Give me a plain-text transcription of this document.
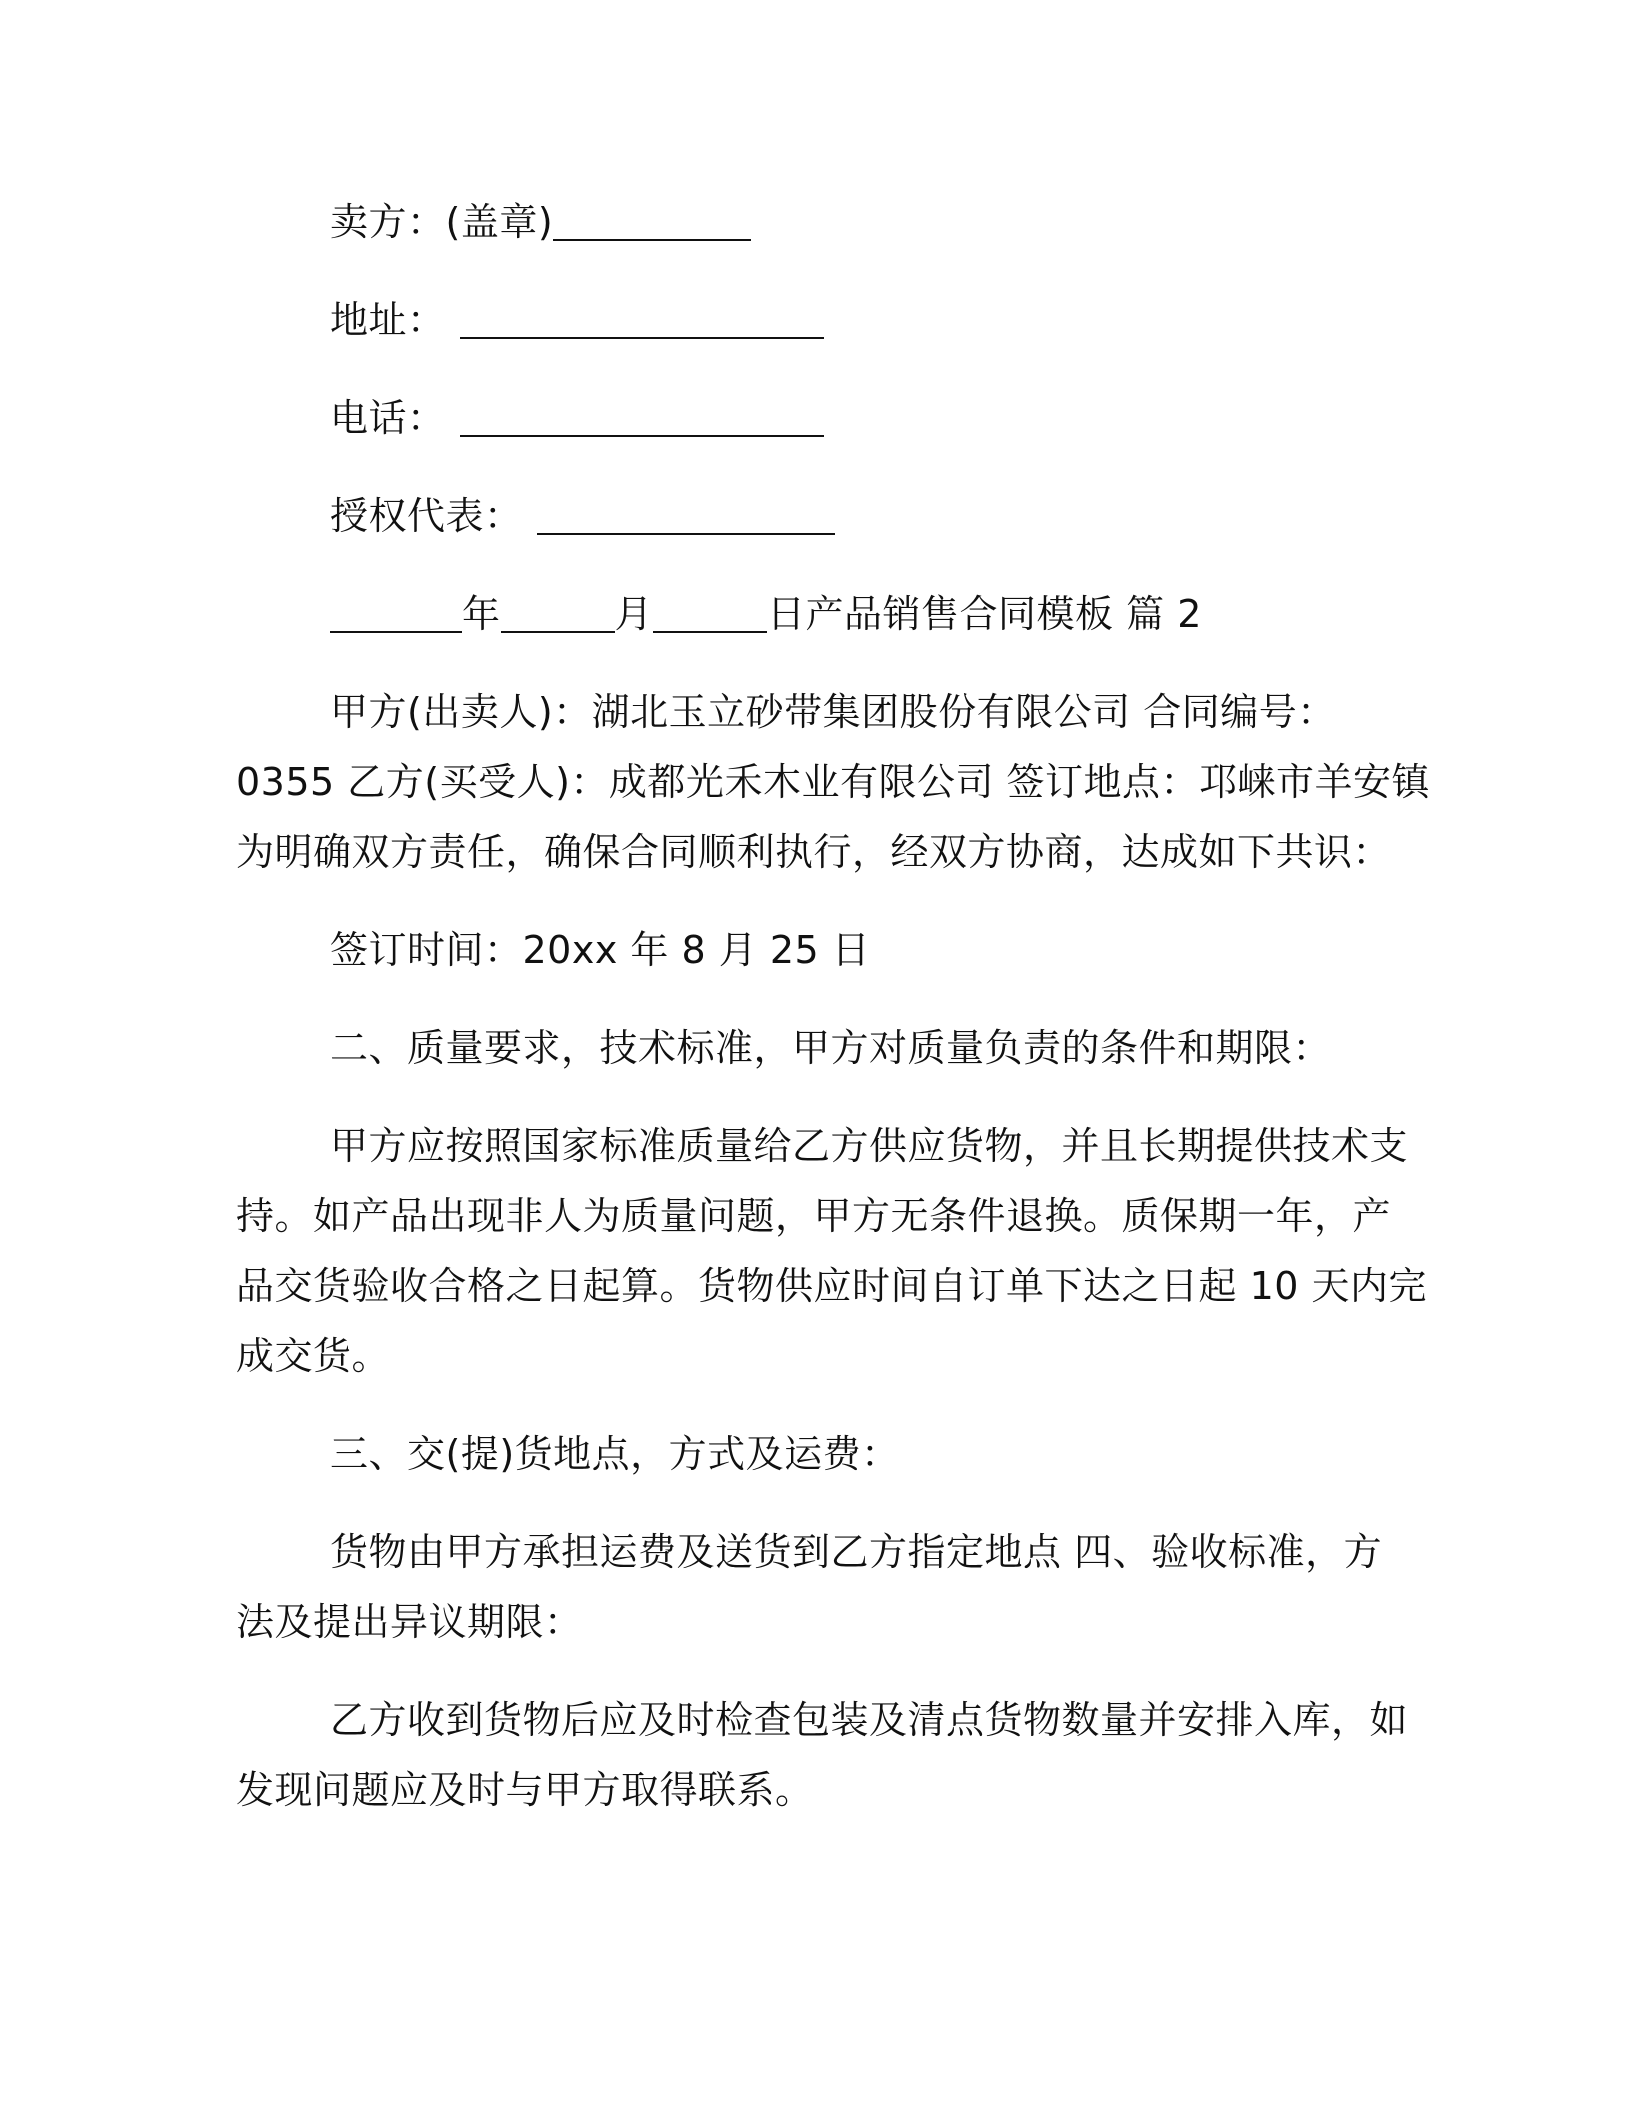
卖方：(盖章)
地址：
电话：
授权代表：
年	月	日产品销售合同模板 篇 2
甲方(出卖人)：湖北玉立砂带集团股份有限公司 合同编号：
0355 乙方(买受人)：成都光禾木业有限公司 签订地点：邛崃市羊安镇
为明确双方责任，确保合同顺利执行，经双方协商，达成如下共识：
签订时间：20xx 年 8 月 25 日
二、质量要求，技术标准，甲方对质量负责的条件和期限：
甲方应按照国家标准质量给乙方供应货物，并且长期提供技术支
持。如产品出现非人为质量问题，甲方无条件退换。质保期一年，产
品交货验收合格之日起算。货物供应时间自订单下达之日起 10 天内完
成交货。
三、交(提)货地点，方式及运费：
货物由甲方承担运费及送货到乙方指定地点 四、验收标准，方
法及提出异议期限：
乙方收到货物后应及时检查包装及清点货物数量并安排入库，如
发现问题应及时与甲方取得联系。
